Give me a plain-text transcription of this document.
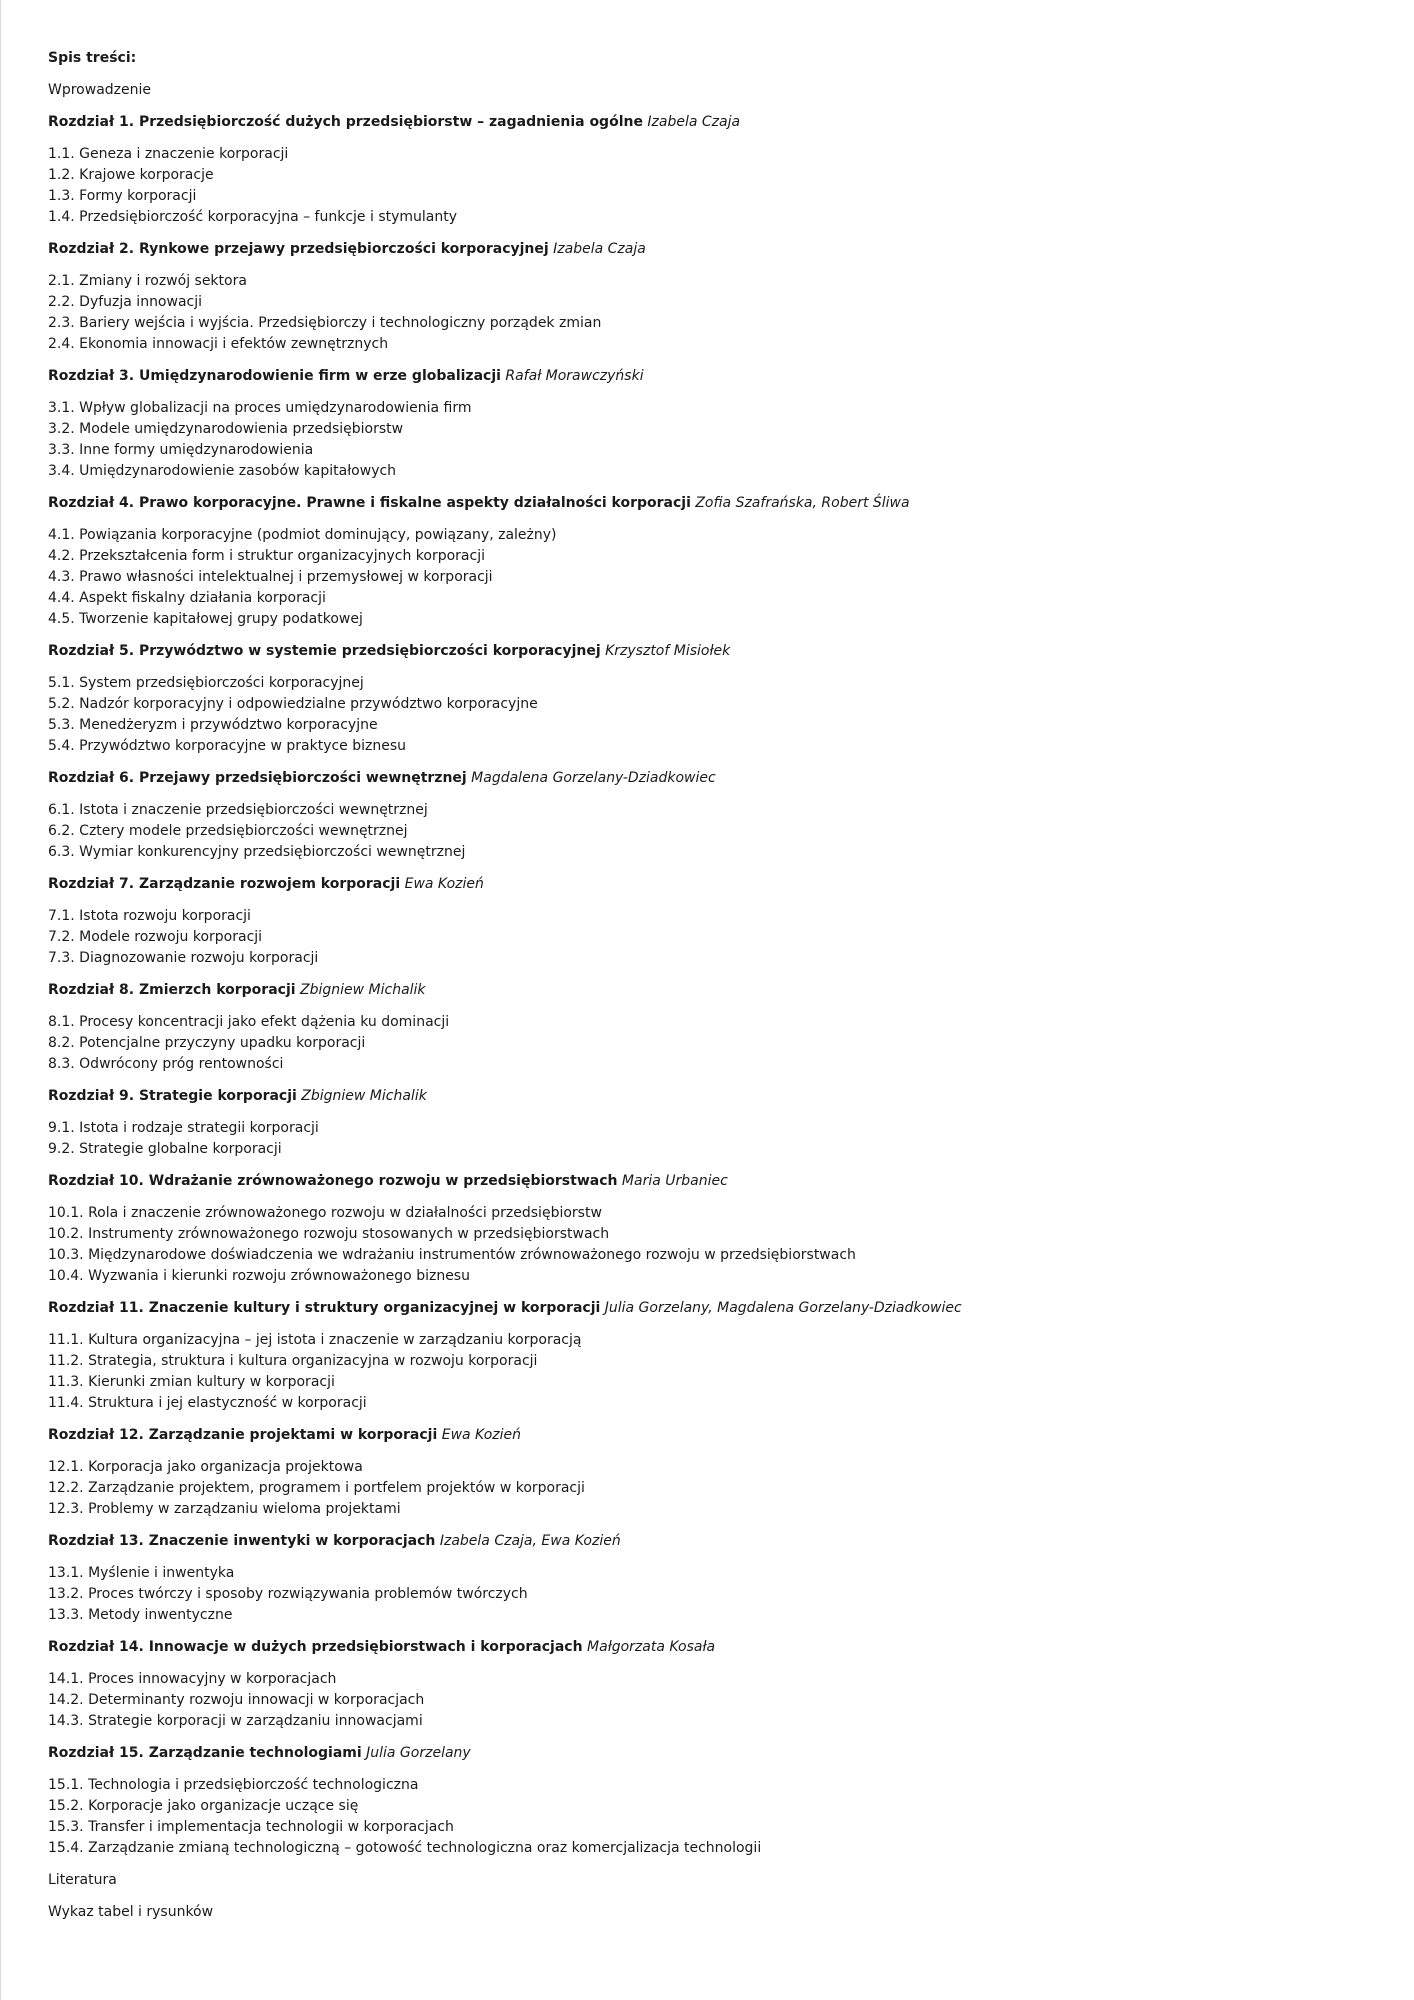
Spis treści:
Wprowadzenie
Rozdział 1. Przedsiębiorczość dużych przedsiębiorstw – zagadnienia ogólne Izabela Czaja
1.1. Geneza i znaczenie korporacji
1.2. Krajowe korporacje
1.3. Formy korporacji
1.4. Przedsiębiorczość korporacyjna – funkcje i stymulanty
Rozdział 2. Rynkowe przejawy przedsiębiorczości korporacyjnej Izabela Czaja
2.1. Zmiany i rozwój sektora
2.2. Dyfuzja innowacji
2.3. Bariery wejścia i wyjścia. Przedsiębiorczy i technologiczny porządek zmian
2.4. Ekonomia innowacji i efektów zewnętrznych
Rozdział 3. Umiędzynarodowienie firm w erze globalizacji Rafał Morawczyński
3.1. Wpływ globalizacji na proces umiędzynarodowienia firm
3.2. Modele umiędzynarodowienia przedsiębiorstw
3.3. Inne formy umiędzynarodowienia
3.4. Umiędzynarodowienie zasobów kapitałowych
Rozdział 4. Prawo korporacyjne. Prawne i fiskalne aspekty działalności korporacji Zofia Szafrańska, Robert Śliwa
4.1. Powiązania korporacyjne (podmiot dominujący, powiązany, zależny)
4.2. Przekształcenia form i struktur organizacyjnych korporacji
4.3. Prawo własności intelektualnej i przemysłowej w korporacji
4.4. Aspekt fiskalny działania korporacji
4.5. Tworzenie kapitałowej grupy podatkowej
Rozdział 5. Przywództwo w systemie przedsiębiorczości korporacyjnej Krzysztof Misiołek
5.1. System przedsiębiorczości korporacyjnej
5.2. Nadzór korporacyjny i odpowiedzialne przywództwo korporacyjne
5.3. Menedżeryzm i przywództwo korporacyjne
5.4. Przywództwo korporacyjne w praktyce biznesu
Rozdział 6. Przejawy przedsiębiorczości wewnętrznej Magdalena Gorzelany-Dziadkowiec
6.1. Istota i znaczenie przedsiębiorczości wewnętrznej
6.2. Cztery modele przedsiębiorczości wewnętrznej
6.3. Wymiar konkurencyjny przedsiębiorczości wewnętrznej
Rozdział 7. Zarządzanie rozwojem korporacji Ewa Kozień
7.1. Istota rozwoju korporacji
7.2. Modele rozwoju korporacji
7.3. Diagnozowanie rozwoju korporacji
Rozdział 8. Zmierzch korporacji Zbigniew Michalik
8.1. Procesy koncentracji jako efekt dążenia ku dominacji
8.2. Potencjalne przyczyny upadku korporacji
8.3. Odwrócony próg rentowności
Rozdział 9. Strategie korporacji Zbigniew Michalik
9.1. Istota i rodzaje strategii korporacji
9.2. Strategie globalne korporacji
Rozdział 10. Wdrażanie zrównoważonego rozwoju w przedsiębiorstwach Maria Urbaniec
10.1. Rola i znaczenie zrównoważonego rozwoju w działalności przedsiębiorstw
10.2. Instrumenty zrównoważonego rozwoju stosowanych w przedsiębiorstwach
10.3. Międzynarodowe doświadczenia we wdrażaniu instrumentów zrównoważonego rozwoju w przedsiębiorstwach
10.4. Wyzwania i kierunki rozwoju zrównoważonego biznesu
Rozdział 11. Znaczenie kultury i struktury organizacyjnej w korporacji Julia Gorzelany, Magdalena Gorzelany-Dziadkowiec
11.1. Kultura organizacyjna – jej istota i znaczenie w zarządzaniu korporacją
11.2. Strategia, struktura i kultura organizacyjna w rozwoju korporacji
11.3. Kierunki zmian kultury w korporacji
11.4. Struktura i jej elastyczność w korporacji
Rozdział 12. Zarządzanie projektami w korporacji Ewa Kozień
12.1. Korporacja jako organizacja projektowa
12.2. Zarządzanie projektem, programem i portfelem projektów w korporacji
12.3. Problemy w zarządzaniu wieloma projektami
Rozdział 13. Znaczenie inwentyki w korporacjach Izabela Czaja, Ewa Kozień
13.1. Myślenie i inwentyka
13.2. Proces twórczy i sposoby rozwiązywania problemów twórczych
13.3. Metody inwentyczne
Rozdział 14. Innowacje w dużych przedsiębiorstwach i korporacjach Małgorzata Kosała
14.1. Proces innowacyjny w korporacjach
14.2. Determinanty rozwoju innowacji w korporacjach
14.3. Strategie korporacji w zarządzaniu innowacjami
Rozdział 15. Zarządzanie technologiami Julia Gorzelany
15.1. Technologia i przedsiębiorczość technologiczna
15.2. Korporacje jako organizacje uczące się
15.3. Transfer i implementacja technologii w korporacjach
15.4. Zarządzanie zmianą technologiczną – gotowość technologiczna oraz komercjalizacja technologii
Literatura
Wykaz tabel i rysunków
